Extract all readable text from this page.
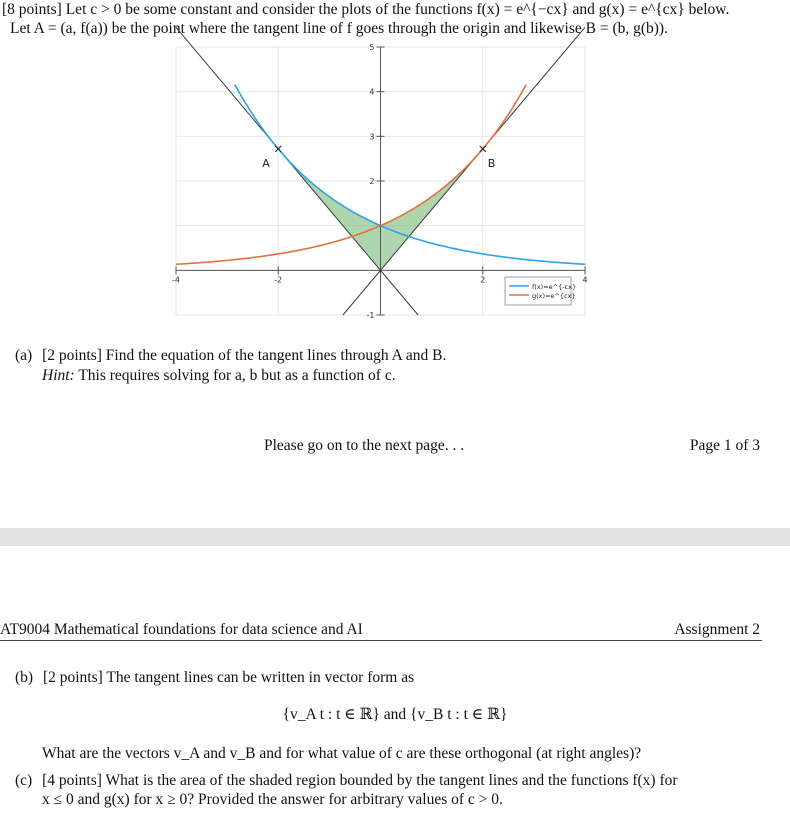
[8 points] Let c > 0 be some constant and consider the plots of the functions f(x) = e^{−cx} and g(x) = e^{cx} below.
Let A = (a, f(a)) be the point where the tangent line of f goes through the origin and likewise B = (b, g(b)).
-4	-2	2	4
-1
4
3
2
5
A	B
f(x)=e^{-cx}
g(x)=e^{cx}
(a) [2 points] Find the equation of the tangent lines through A and B.
Hint: This requires solving for a, b but as a function of c.
Please go on to the next page. . .	Page 1 of 3
AT9004 Mathematical foundations for data science and AI	Assignment 2
(b) [2 points] The tangent lines can be written in vector form as
{v_A t : t ∈ ℝ} and {v_B t : t ∈ ℝ}
What are the vectors v_A and v_B and for what value of c are these orthogonal (at right angles)?
(c) [4 points] What is the area of the shaded region bounded by the tangent lines and the functions f(x) for
x ≤ 0 and g(x) for x ≥ 0? Provided the answer for arbitrary values of c > 0.
